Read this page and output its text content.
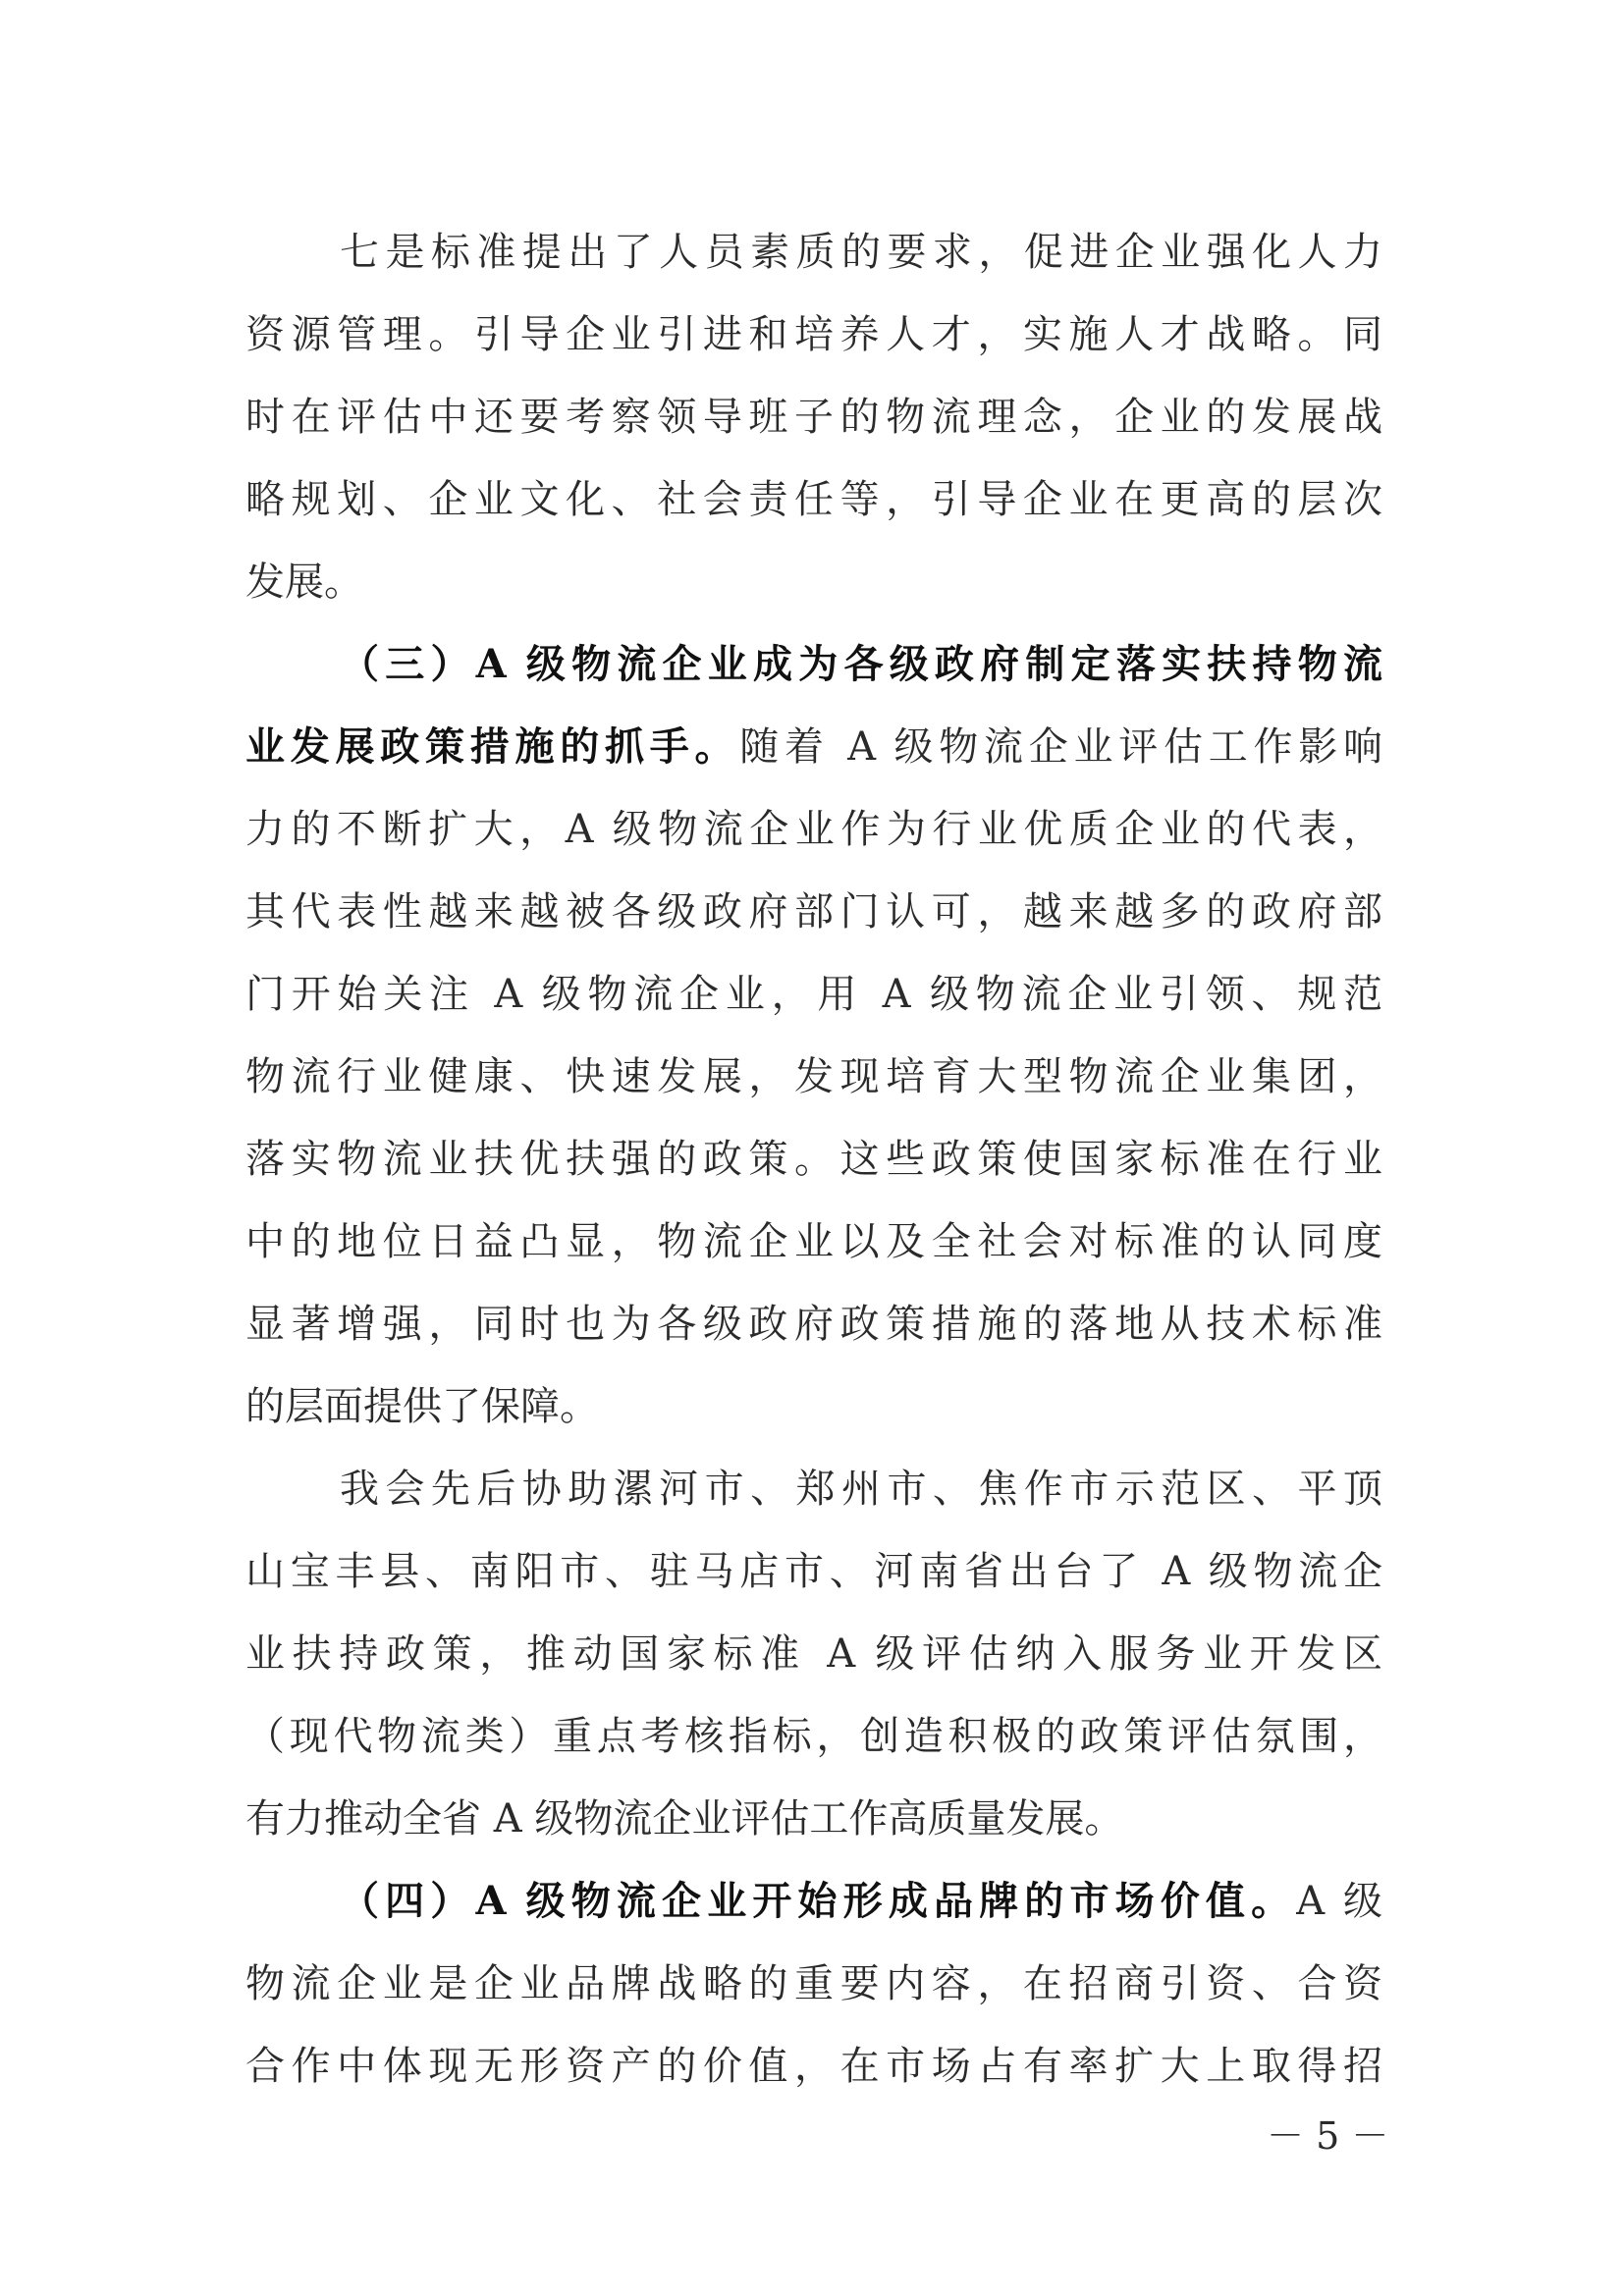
七是标准提出了人员素质的要求，促进企业强化人力

资源管理。引导企业引进和培养人才，实施人才战略。同

时在评估中还要考察领导班子的物流理念，企业的发展战

略规划、企业文化、社会责任等，引导企业在更高的层次

发展。

（三）A 级物流企业成为各级政府制定落实扶持物流

业发展政策措施的抓手。随着 A 级物流企业评估工作影响

力的不断扩大，A 级物流企业作为行业优质企业的代表，

其代表性越来越被各级政府部门认可，越来越多的政府部

门开始关注 A 级物流企业，用 A 级物流企业引领、规范

物流行业健康、快速发展，发现培育大型物流企业集团，

落实物流业扶优扶强的政策。这些政策使国家标准在行业

中的地位日益凸显，物流企业以及全社会对标准的认同度

显著增强，同时也为各级政府政策措施的落地从技术标准

的层面提供了保障。

我会先后协助漯河市、郑州市、焦作市示范区、平顶

山宝丰县、南阳市、驻马店市、河南省出台了 A 级物流企

业扶持政策，推动国家标准 A 级评估纳入服务业开发区

（现代物流类）重点考核指标，创造积极的政策评估氛围，

有力推动全省 A 级物流企业评估工作高质量发展。

（四）A 级物流企业开始形成品牌的市场价值。A 级

物流企业是企业品牌战略的重要内容，在招商引资、合资

合作中体现无形资产的价值，在市场占有率扩大上取得招

－ 5 －
